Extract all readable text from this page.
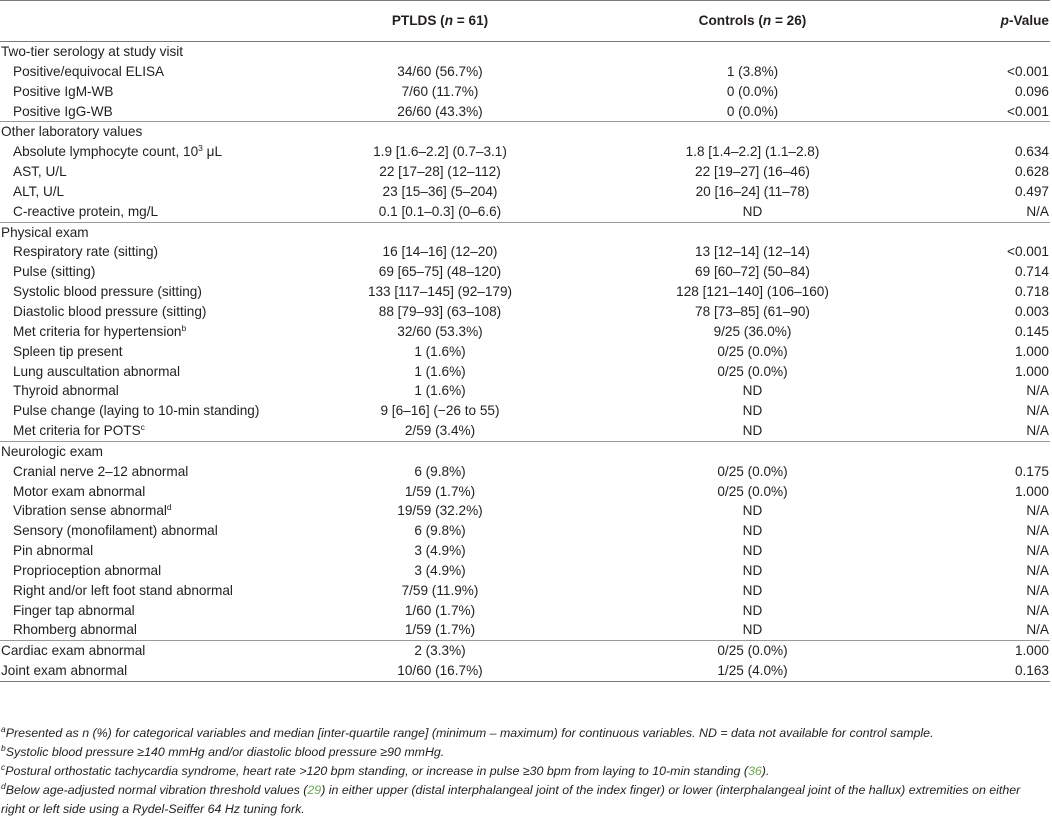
	PTLDS (n = 61)	Controls (n = 26)	p-Value
Two-tier serology at study visit			
Positive/equivocal ELISA	34/60 (56.7%)	1 (3.8%)	<0.001
Positive IgM-WB	7/60 (11.7%)	0 (0.0%)	0.096
Positive IgG-WB	26/60 (43.3%)	0 (0.0%)	<0.001
Other laboratory values			
Absolute lymphocyte count, $10^3$ μL	1.9 [1.6–2.2] (0.7–3.1)	1.8 [1.4–2.2] (1.1–2.8)	0.634
AST, U/L	22 [17–28] (12–112)	22 [19–27] (16–46)	0.628
ALT, U/L	23 [15–36] (5–204)	20 [16–24] (11–78)	0.497
C-reactive protein, mg/L	0.1 [0.1–0.3] (0–6.6)	ND	N/A
Physical exam			
Respiratory rate (sitting)	16 [14–16] (12–20)	13 [12–14] (12–14)	<0.001
Pulse (sitting)	69 [65–75] (48–120)	69 [60–72] (50–84)	0.714
Systolic blood pressure (sitting)	133 [117–145] (92–179)	128 [121–140] (106–160)	0.718
Diastolic blood pressure (sitting)	88 [79–93] (63–108)	78 [73–85] (61–90)	0.003
Met criteria for hypertension$^b$	32/60 (53.3%)	9/25 (36.0%)	0.145
Spleen tip present	1 (1.6%)	0/25 (0.0%)	1.000
Lung auscultation abnormal	1 (1.6%)	0/25 (0.0%)	1.000
Thyroid abnormal	1 (1.6%)	ND	N/A
Pulse change (laying to 10-min standing)	9 [6–16] (−26 to 55)	ND	N/A
Met criteria for POTS$^c$	2/59 (3.4%)	ND	N/A
Neurologic exam			
Cranial nerve 2–12 abnormal	6 (9.8%)	0/25 (0.0%)	0.175
Motor exam abnormal	1/59 (1.7%)	0/25 (0.0%)	1.000
Vibration sense abnormal$^d$	19/59 (32.2%)	ND	N/A
Sensory (monofilament) abnormal	6 (9.8%)	ND	N/A
Pin abnormal	3 (4.9%)	ND	N/A
Proprioception abnormal	3 (4.9%)	ND	N/A
Right and/or left foot stand abnormal	7/59 (11.9%)	ND	N/A
Finger tap abnormal	1/60 (1.7%)	ND	N/A
Rhomberg abnormal	1/59 (1.7%)	ND	N/A
Cardiac exam abnormal	2 (3.3%)	0/25 (0.0%)	1.000
Joint exam abnormal	10/60 (16.7%)	1/25 (4.0%)	0.163
$^a$Presented as n (%) for categorical variables and median [inter-quartile range] (minimum – maximum) for continuous variables. ND = data not available for control sample.
$^b$Systolic blood pressure ≥140 mmHg and/or diastolic blood pressure ≥90 mmHg.
$^c$Postural orthostatic tachycardia syndrome, heart rate >120 bpm standing, or increase in pulse ≥30 bpm from laying to 10-min standing (36).
$^d$Below age-adjusted normal vibration threshold values (29) in either upper (distal interphalangeal joint of the index finger) or lower (interphalangeal joint of the hallux) extremities on either right or left side using a Rydel-Seiffer 64 Hz tuning fork.
